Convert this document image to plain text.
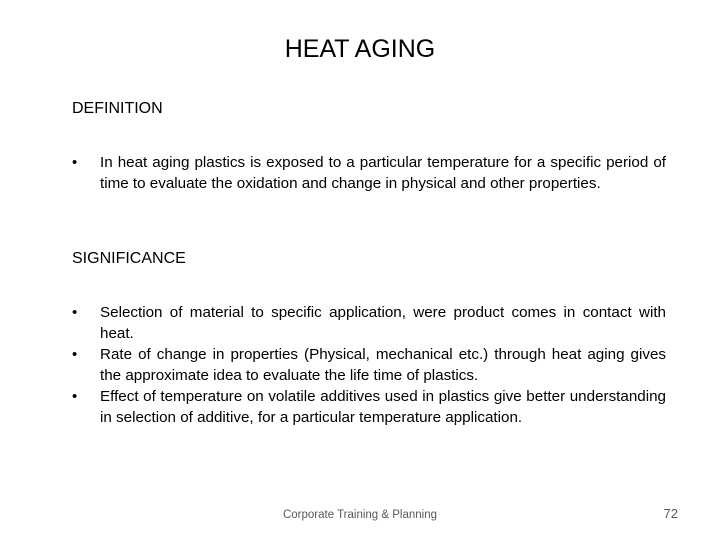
HEAT AGING
DEFINITION
•	In heat aging plastics is exposed to a particular temperature for a specific period of time to evaluate the oxidation and change in physical and other properties.
SIGNIFICANCE
•	Selection of material to specific application, were product comes in contact with heat.
•	Rate of change in properties (Physical, mechanical etc.) through heat aging gives the approximate idea to evaluate the life time of plastics.
•	Effect of temperature on volatile additives used in plastics give better understanding in selection of additive, for a particular temperature application.
Corporate Training & Planning	72
